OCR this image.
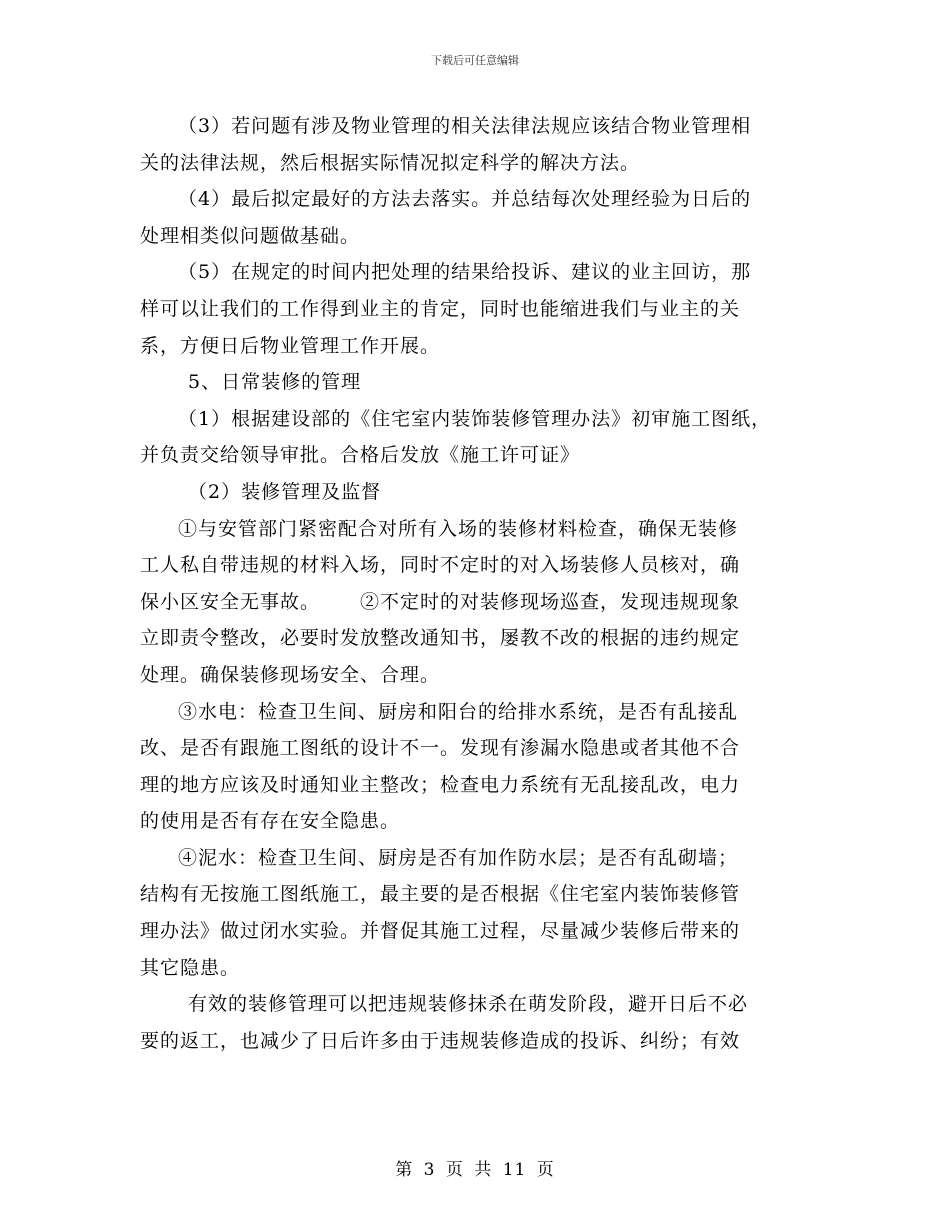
下载后可任意编辑
（3）若问题有涉及物业管理的相关法律法规应该结合物业管理相
关的法律法规，然后根据实际情况拟定科学的解决方法。
（4）最后拟定最好的方法去落实。并总结每次处理经验为日后的
处理相类似问题做基础。
（5）在规定的时间内把处理的结果给投诉、建议的业主回访，那
样可以让我们的工作得到业主的肯定，同时也能缩进我们与业主的关
系，方便日后物业管理工作开展。
5、日常装修的管理
（1）根据建设部的《住宅室内装饰装修管理办法》初审施工图纸，
并负责交给领导审批。合格后发放《施工许可证》
（2）装修管理及监督
①与安管部门紧密配合对所有入场的装修材料检查，确保无装修
工人私自带违规的材料入场，同时不定时的对入场装修人员核对，确
保小区安全无事故。 ②不定时的对装修现场巡查，发现违规现象
立即责令整改，必要时发放整改通知书，屡教不改的根据的违约规定
处理。确保装修现场安全、合理。
③水电：检查卫生间、厨房和阳台的给排水系统，是否有乱接乱
改、是否有跟施工图纸的设计不一。发现有渗漏水隐患或者其他不合
理的地方应该及时通知业主整改；检查电力系统有无乱接乱改，电力
的使用是否有存在安全隐患。
④泥水：检查卫生间、厨房是否有加作防水层；是否有乱砌墙；
结构有无按施工图纸施工，最主要的是否根据《住宅室内装饰装修管
理办法》做过闭水实验。并督促其施工过程，尽量减少装修后带来的
其它隐患。
有效的装修管理可以把违规装修抹杀在萌发阶段，避开日后不必
要的返工，也减少了日后许多由于违规装修造成的投诉、纠纷；有效
第 3 页 共 11 页
